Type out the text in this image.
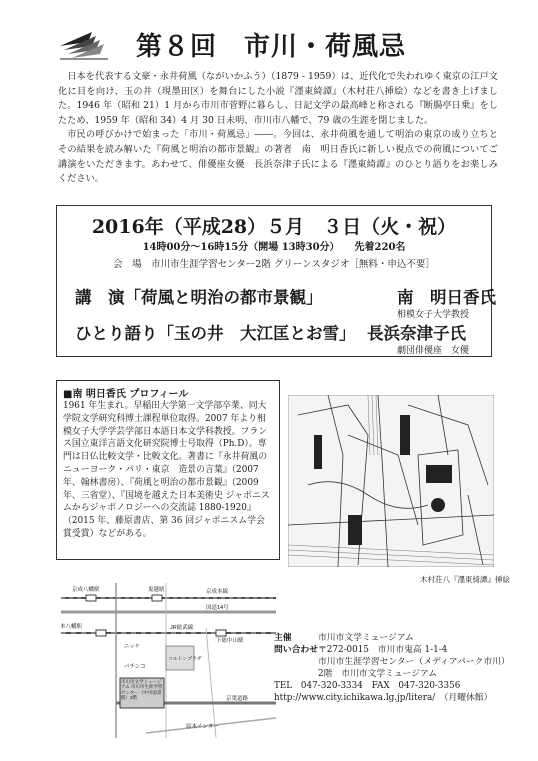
第８回　市川・荷風忌

日本を代表する文豪・永井荷風（ながいかふう）（1879 - 1959）は、近代化で失われゆく東京の江戸文化に目を向け、玉の井（現墨田区）を舞台にした小説『濹東綺譚』（木村荘八挿絵）などを書き上げました。1946 年（昭和 21）1 月から市川市菅野に暮らし、日記文学の最高峰と称される『断腸亭日乗』をしたため、1959 年（昭和 34）4 月 30 日未明、市川市八幡で、79 歳の生涯を閉じました。

市民の呼びかけで始まった「市川・荷風忌」――。今回は、永井荷風を通して明治の東京の成り立ちとその結果を読み解いた『荷風と明治の都市景観』の著者　南　明日香氏に新しい視点での荷風についてご講演をいただきます。あわせて、俳優座女優　長浜奈津子氏による『濹東綺譚』のひとり語りをお楽しみください。

2016年（平成28）５月　３日（火・祝）
14時00分～16時15分（開場 13時30分）　　先着220名
会　場　市川市生涯学習センター2階 グリーンスタジオ［無料・申込不要］
講　演「荷風と明治の都市景観」	南　明日香氏
相模女子大学教授
ひとり語り「玉の井　大江匡とお雪」 長浜奈津子氏
劇団俳優座　女優
■南 明日香氏 プロフィール
1961 年生まれ。早稲田大学第一文学部卒業、同大学院文学研究科博士課程単位取得。2007 年より相模女子大学学芸学部日本語日本文学科教授。フランス国立東洋言語文化研究院博士号取得（Ph.D）。専門は日仏比較文学・比較文化。著書に『永井荷風のニューヨーク・パリ・東京　造景の言葉』（2007 年、翰林書房）、『荷風と明治の都市景観』（2009 年、三省堂）、『国境を越えた日本美術史 ジャポニスムからジャポノロジーへの交流誌 1880-1920』（2015 年、藤原書店、第 36 回ジャポニスム学会賞受賞）などがある。
木村荘八『濹東綺譚』挿絵
京成八幡駅	鬼越駅	京成本線
国道14号
本八幡駅	JR総武線
下総中山駅
コルトンプラザ
京葉道路
原木インター
ニッケ
パチンコ
市川市文学ミュージアム 市川市生涯学習センター（中央図書館）2階
主催	市川市文学ミュージアム
問い合わせ〒272-0015　市川市鬼高 1-1-4
市川市生涯学習センター（メディアパーク市川）
2階　市川市文学ミュージアム
TEL　047-320-3334　FAX　047-320-3356
http://www.city.ichikawa.lg.jp/litera/　 （月曜休館）
